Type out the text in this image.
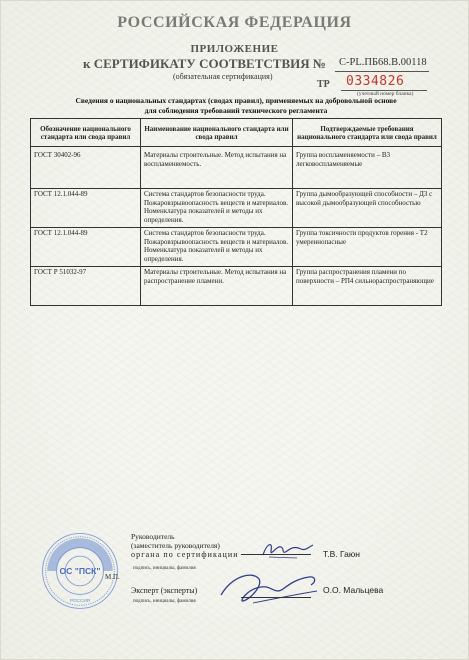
РОССИЙСКАЯ ФЕДЕРАЦИЯ
ПРИЛОЖЕНИЕ
к СЕРТИФИКАТУ СООТВЕТСТВИЯ № С-PL.ПБ68.В.00118
(обязательная сертификация)
ТР 0334826
(учетный номер бланка)
Сведения о национальных стандартах (сводах правил), применяемых на добровольной основе для соблюдения требований технического регламента
Обозначение национального стандарта или свода правил	Наименование национального стандарта или свода правил	Подтверждаемые требования национального стандарта или свода правил
ГОСТ 30402-96	Материалы строительные. Метод испытания на воспламеняемость.	Группа воспламеняемости – В3 легковоспламеняемые
ГОСТ 12.1.044-89	Система стандартов безопасности труда. Пожаровзрывоопасность веществ и материалов. Номенклатура показателей и методы их определения.	Группа дымообразующей способности – Д3 с высокой дымообразующей способностью
ГОСТ 12.1.044-89	Система стандартов безопасности труда. Пожаровзрывоопасность веществ и материалов. Номенклатура показателей и методы их определения.	Группа токсичности продуктов горения - Т2 умереннопасные
ГОСТ Р 51032-97	Материалы строительные. Метод испытания на распространение пламени.	Группа распространения пламени по поверхности – РП4 сильнораспространяющие
ОС "ПСК"
РОССИЯ
Руководитель
(заместитель руководителя)
органа по сертификации
подпись, инициалы, фамилия
М.П.
Т.В. Гаюн
Эксперт (эксперты)
подпись, инициалы, фамилия
О.О. Мальцева
